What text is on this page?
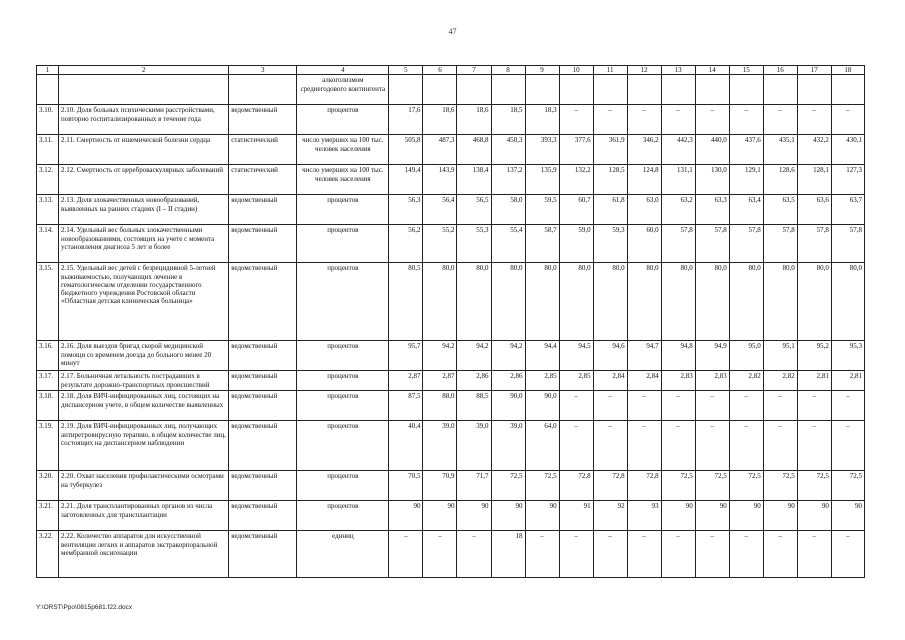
47
1	2	3	4	5	6	7	8	9	10	11	12	13	14	15	16	17	18
			алкоголизмом среднегодового контингента														
3.10.	2.10. Доля больных психическими расстройствами, повторно госпитализированных в течение года	ведомственный	процентов	17,6	18,6	18,6	18,5	18,3	–	–	–	–	–	–	–	–	–
3.11.	2.11. Смертность от ишемической болезни сердца	статистический	число умерших на 100 тыс. человек населения	505,8	487,3	468,8	450,3	393,3	377,6	361,9	346,2	442,3	440,0	437,6	435,1	432,2	430,1
3.12.	2.12. Смертность от цереброваскулярных заболеваний	статистический	число умерших на 100 тыс. человек населения	149,4	143,9	138,4	137,2	135,9	132,2	128,5	124,8	131,1	130,0	129,1	128,6	128,1	127,3
3.13.	2.13. Доля злокачественных новообразований, выявленных на ранних стадиях (I – II стадии)	ведомственный	процентов	56,3	56,4	56,5	58,0	59,5	60,7	61,8	63,0	63,2	63,3	63,4	63,5	63,6	63,7
3.14.	2.14. Удельный вес больных злокачественными новообразованиями, состоящих на учете с момента установления диагноза 5 лет и более	ведомственный	процентов	56,2	55,2	55,3	55,4	58,7	59,0	59,3	60,0	57,8	57,8	57,8	57,8	57,8	57,8
3.15.	2.15. Удельный вес детей с безрецидивной 5-летней выживаемостью, получающих лечение в гематологическом отделении государственного бюджетного учреждения Ростовской области «Областная детская клиническая больница»	ведомственный	процентов	80,5	80,0	80,0	80,0	80,0	80,0	80,0	80,0	80,0	80,0	80,0	80,0	80,0	80,0
3.16.	2.16. Доля выездов бригад скорой медицинской помощи со временем доезда до больного менее 20 минут	ведомственный	процентов	95,7	94,2	94,2	94,2	94,4	94,5	94,6	94,7	94,8	94,9	95,0	95,1	95,2	95,3
3.17.	2.17. Больничная летальность пострадавших в результате дорожно-транспортных происшествий	ведомственный	процентов	2,87	2,87	2,86	2,86	2,85	2,85	2,84	2,84	2,83	2,83	2,82	2,82	2,81	2,81
3.18.	2.18. Доля ВИЧ-инфицированных лиц, состоящих на диспансерном учете, в общем количестве выявленных	ведомственный	процентов	87,5	88,0	88,5	90,0	90,0	–	–	–	–	–	–	–	–	–
3.19.	2.19. Доля ВИЧ-инфицированных лиц, получающих антиретровирусную терапию, в общем количестве лиц, состоящих на диспансерном наблюдении	ведомственный	процентов	40,4	39,0	39,0	39,0	64,0	–	–	–	–	–	–	–	–	–
3.20.	2.20. Охват населения профилактическими осмотрами на туберкулез	ведомственный	процентов	70,5	70,9	71,7	72,5	72,5	72,8	72,8	72,8	72,5	72,5	72,5	72,5	72,5	72,5
3.21.	2.21. Доля трансплантированных органов из числа заготовленных для трансплантации	ведомственный	процентов	90	90	90	90	90	91	92	93	90	90	90	90	90	90
3.22.	2.22. Количество аппаратов для искусственной вентиляции легких и аппаратов экстракорпоральной мембранной оксигенации	ведомственный	единиц	–	–	–	18	–	–	–	–	–	–	–	–	–	–
Y:\ORST\Ppo\0815p681.f22.docx
